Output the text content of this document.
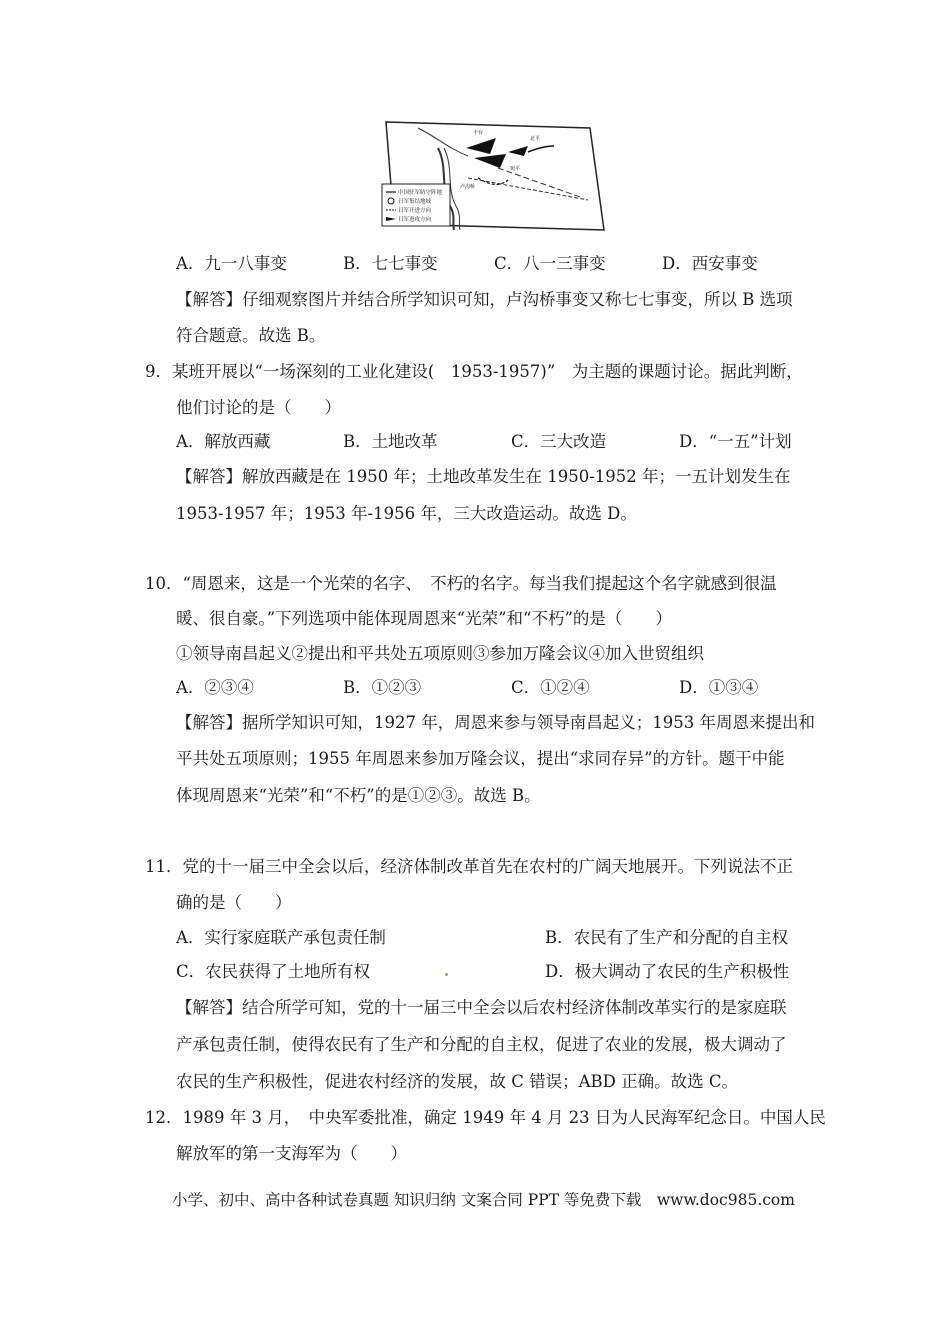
丰台
宛平
卢沟桥
北平
中国驻军防守阵地
日军集结地域
日军开进方向
日军进攻方向
A．九一八事变	B．七七事变	C．八一三事变	D．西安事变
【解答】仔细观察图片并结合所学知识可知，卢沟桥事变又称七七事变，所以 B 选项
符合题意。故选 B。
9．某班开展以“一场深刻的工业化建设(　1953-1957)”　为主题的课题讨论。据此判断，
他们讨论的是（　　）
A．解放西藏	B．土地改革	C．三大改造	D．“一五”计划
【解答】解放西藏是在 1950 年；土地改革发生在 1950-1952 年；一五计划发生在
1953-1957 年；1953 年-1956 年，三大改造运动。故选 D。
10．“周恩来，这是一个光荣的名字、　不朽的名字。每当我们提起这个名字就感到很温
暖、很自豪。”下列选项中能体现周恩来“光荣”和“不朽”的是（　　）
①领导南昌起义②提出和平共处五项原则③参加万隆会议④加入世贸组织
A．②③④	B．①②③	C．①②④	D．①③④
【解答】据所学知识可知，1927 年，周恩来参与领导南昌起义；1953 年周恩来提出和
平共处五项原则；1955 年周恩来参加万隆会议，提出“求同存异”的方针。题干中能
体现周恩来“光荣”和“不朽”的是①②③。故选 B。
11．党的十一届三中全会以后，经济体制改革首先在农村的广阔天地展开。下列说法不正
确的是（　　）
A．实行家庭联产承包责任制	B．农民有了生产和分配的自主权
C．农民获得了土地所有权	D．极大调动了农民的生产积极性
【解答】结合所学可知，党的十一届三中全会以后农村经济体制改革实行的是家庭联
产承包责任制，使得农民有了生产和分配的自主权，促进了农业的发展，极大调动了
农民的生产积极性，促进农村经济的发展，故 C 错误；ABD 正确。故选 C。
12．1989 年 3 月，　中央军委批准，确定 1949 年 4 月 23 日为人民海军纪念日。中国人民
解放军的第一支海军为（　　）
小学、初中、高中各种试卷真题 知识归纳 文案合同 PPT 等免费下载　www.doc985.com
